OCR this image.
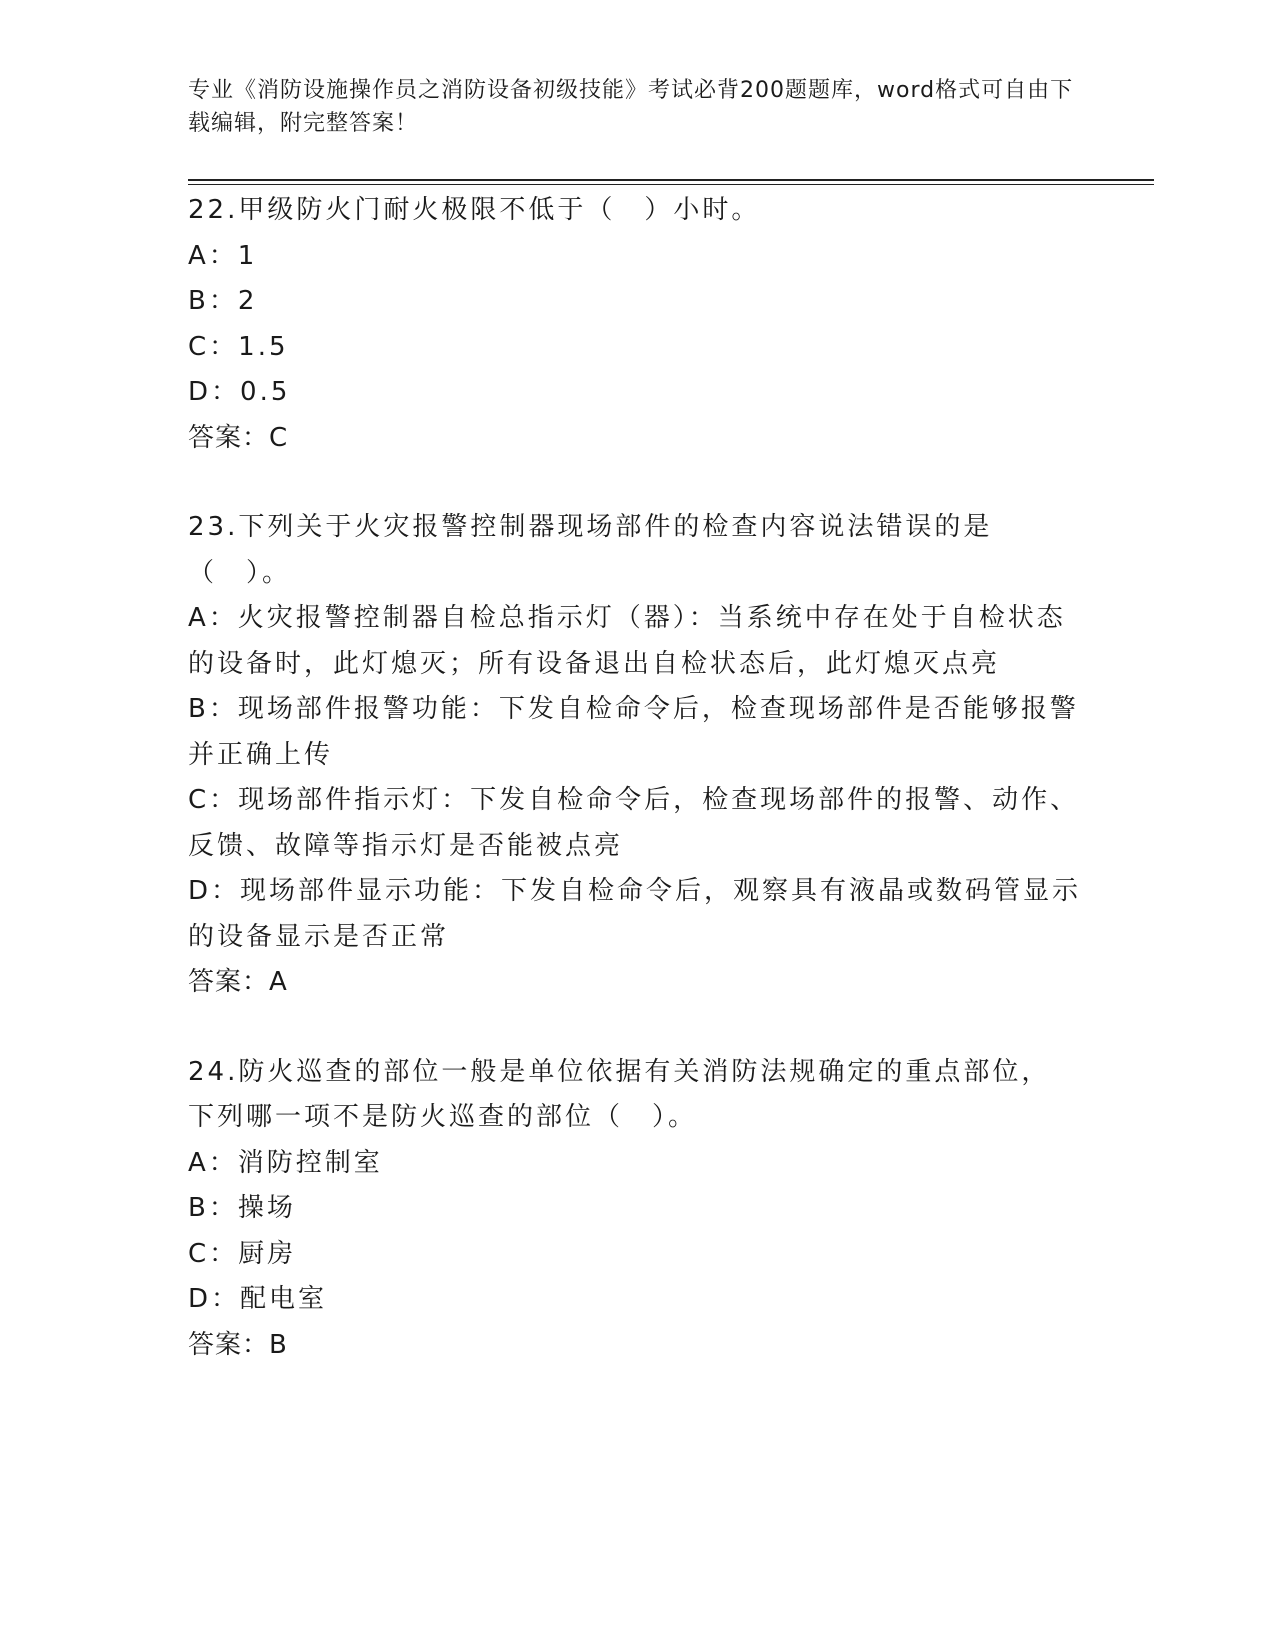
专业《消防设施操作员之消防设备初级技能》考试必背200题题库，word格式可自由下载编辑，附完整答案！

22.甲级防火门耐火极限不低于（　）小时。

A：1

B：2

C：1.5

D：0.5

答案：C

23.下列关于火灾报警控制器现场部件的检查内容说法错误的是（　）。

A：火灾报警控制器自检总指示灯（器）：当系统中存在处于自检状态的设备时，此灯熄灭；所有设备退出自检状态后，此灯熄灭点亮

B：现场部件报警功能：下发自检命令后，检查现场部件是否能够报警并正确上传

C：现场部件指示灯：下发自检命令后，检查现场部件的报警、动作、反馈、故障等指示灯是否能被点亮

D：现场部件显示功能：下发自检命令后，观察具有液晶或数码管显示的设备显示是否正常

答案：A

24.防火巡查的部位一般是单位依据有关消防法规确定的重点部位，下列哪一项不是防火巡查的部位（　）。

A：消防控制室

B：操场

C：厨房

D：配电室

答案：B
